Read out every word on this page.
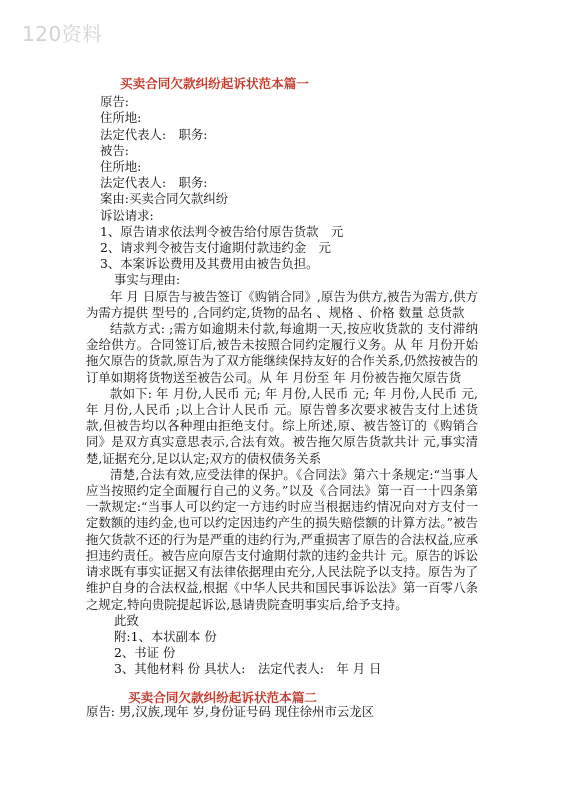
120资料
买卖合同欠款纠纷起诉状范本篇一
原告:
住所地:
法定代表人:　职务:
被告:
住所地:
法定代表人:　职务:
案由:买卖合同欠款纠纷
诉讼请求:
1、原告请求依法判令被告给付原告货款　元
2、请求判令被告支付逾期付款违约金　元
3、本案诉讼费用及其费用由被告负担。
事实与理由:
年 月 日原告与被告签订《购销合同》,原告为供方,被告为需方,供方为需方提供 型号的 ,合同约定,货物的品名 、规格 、价格 数量 总货款
结款方式: ;需方如逾期未付款,每逾期一天,按应收货款的 支付滞纳金给供方。合同签订后,被告未按照合同约定履行义务。从 年 月份开始拖欠原告的货款,原告为了双方能继续保持友好的合作关系,仍然按被告的订单如期将货物送至被告公司。从 年 月份至 年 月份被告拖欠原告货
款如下: 年 月份,人民币 元; 年 月份,人民币 元; 年 月份,人民币 元, 年 月份,人民币 ;以上合计人民币 元。原告曾多次要求被告支付上述货款,但被告均以各种理由拒绝支付。综上所述,原、被告签订的《购销合同》是双方真实意思表示,合法有效。被告拖欠原告货款共计 元,事实清楚,证据充分,足以认定;双方的债权债务关系
清楚,合法有效,应受法律的保护。《合同法》第六十条规定:“当事人应当按照约定全面履行自己的义务。”以及《合同法》第一百一十四条第一款规定:“当事人可以约定一方违约时应当根据违约情况向对方支付一定数额的违约金,也可以约定因违约产生的损失赔偿额的计算方法。”被告拖欠货款不还的行为是严重的违约行为,严重损害了原告的合法权益,应承担违约责任。被告应向原告支付逾期付款的违约金共计 元。原告的诉讼请求既有事实证据又有法律依据理由充分,人民法院予以支持。原告为了维护自身的合法权益,根据《中华人民共和国民事诉讼法》第一百零八条之规定,特向贵院提起诉讼,恳请贵院查明事实后,给予支持。
此致
附:1、本状副本 份
2、书证 份
3、其他材料 份 具状人:　法定代表人:　年 月 日
买卖合同欠款纠纷起诉状范本篇二
原告: 男,汉族,现年 岁,身份证号码 现住徐州市云龙区
